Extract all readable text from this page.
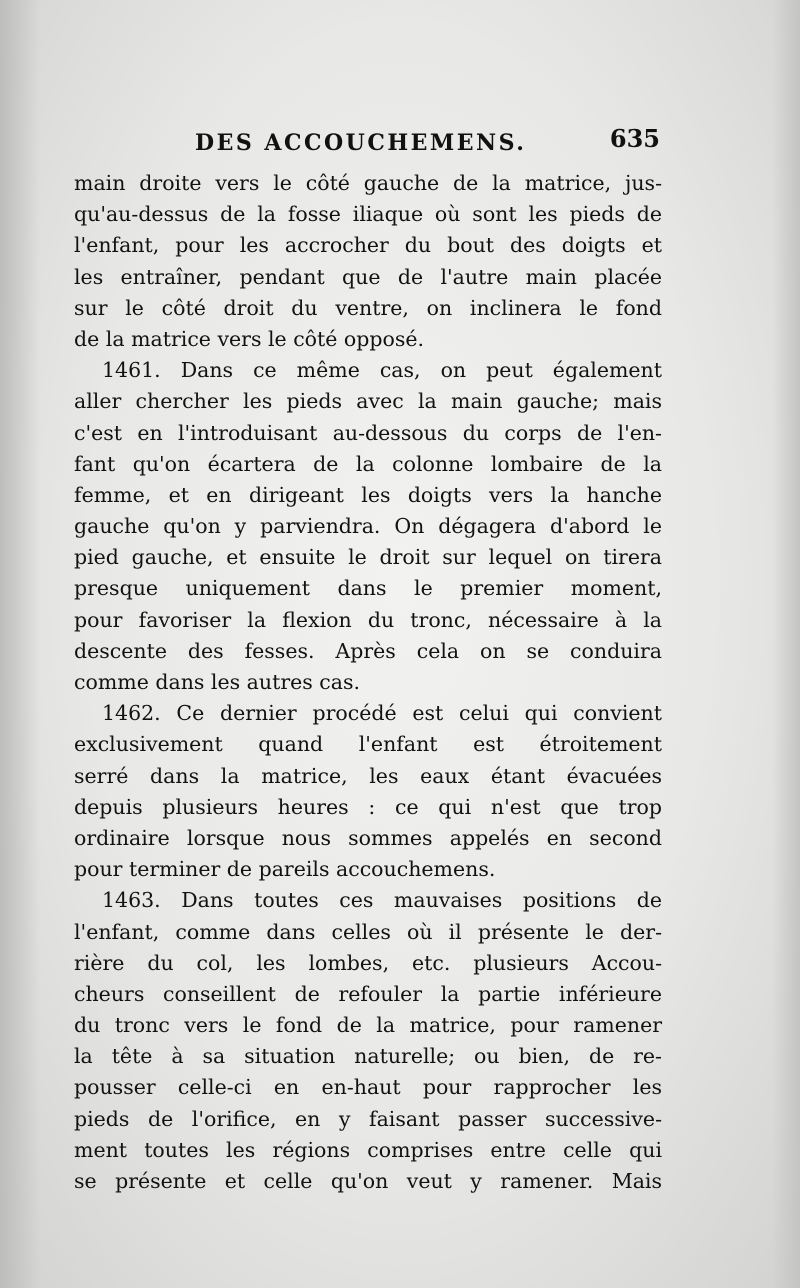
DES ACCOUCHEMENS.	635
main droite vers le côté gauche de la matrice, jus-
qu'au-dessus de la fosse iliaque où sont les pieds de
l'enfant, pour les accrocher du bout des doigts et
les entraîner, pendant que de l'autre main placée
sur le côté droit du ventre, on inclinera le fond
de la matrice vers le côté opposé.
1461. Dans ce même cas, on peut également
aller chercher les pieds avec la main gauche; mais
c'est en l'introduisant au-dessous du corps de l'en-
fant qu'on écartera de la colonne lombaire de la
femme, et en dirigeant les doigts vers la hanche
gauche qu'on y parviendra. On dégagera d'abord le
pied gauche, et ensuite le droit sur lequel on tirera
presque uniquement dans le premier moment,
pour favoriser la flexion du tronc, nécessaire à la
descente des fesses. Après cela on se conduira
comme dans les autres cas.
1462. Ce dernier procédé est celui qui convient
exclusivement quand l'enfant est étroitement
serré dans la matrice, les eaux étant évacuées
depuis plusieurs heures : ce qui n'est que trop
ordinaire lorsque nous sommes appelés en second
pour terminer de pareils accouchemens.
1463. Dans toutes ces mauvaises positions de
l'enfant, comme dans celles où il présente le der-
rière du col, les lombes, etc. plusieurs Accou-
cheurs conseillent de refouler la partie inférieure
du tronc vers le fond de la matrice, pour ramener
la tête à sa situation naturelle; ou bien, de re-
pousser celle-ci en en-haut pour rapprocher les
pieds de l'orifice, en y faisant passer successive-
ment toutes les régions comprises entre celle qui
se présente et celle qu'on veut y ramener. Mais
